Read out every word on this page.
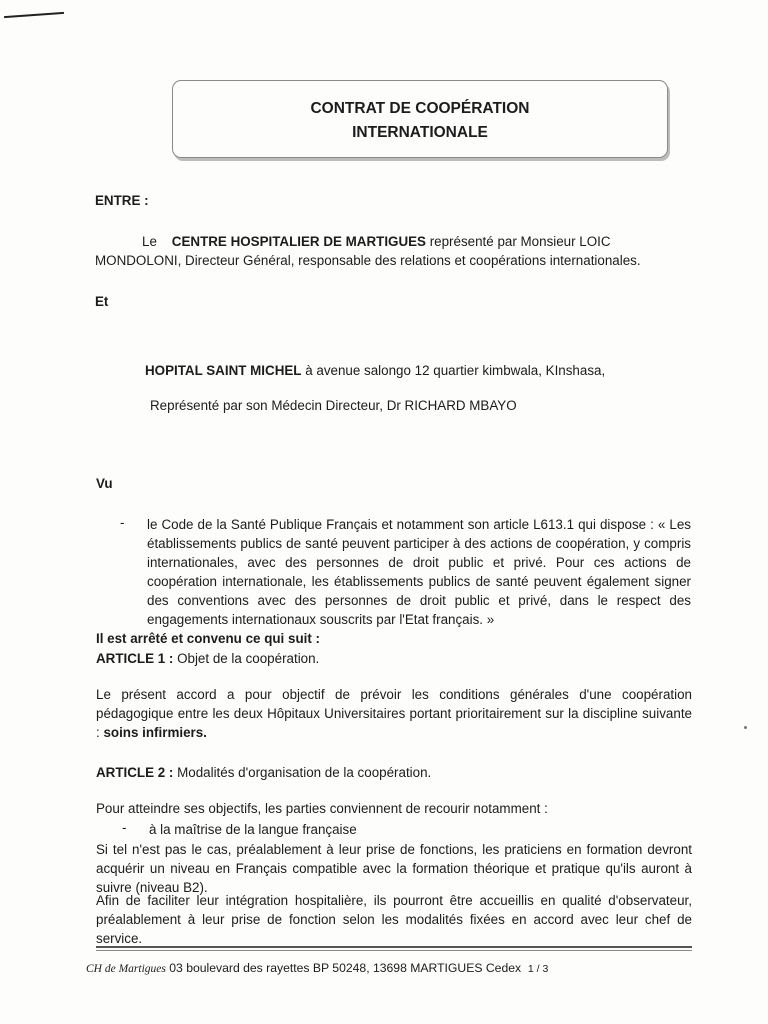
CONTRAT DE COOPÉRATION
INTERNATIONALE
ENTRE :
Le CENTRE HOSPITALIER DE MARTIGUES représenté par Monsieur LOIC
MONDOLONI, Directeur Général, responsable des relations et coopérations internationales.
Et
HOPITAL SAINT MICHEL à avenue salongo 12 quartier kimbwala, KInshasa,
Représenté par son Médecin Directeur, Dr RICHARD MBAYO
Vu
- le Code de la Santé Publique Français et notamment son article L613.1 qui dispose : « Les établissements publics de santé peuvent participer à des actions de coopération, y compris internationales, avec des personnes de droit public et privé. Pour ces actions de coopération internationale, les établissements publics de santé peuvent également signer des conventions avec des personnes de droit public et privé, dans le respect des engagements internationaux souscrits par l'Etat français. »
Il est arrêté et convenu ce qui suit :
ARTICLE 1 : Objet de la coopération.
Le présent accord a pour objectif de prévoir les conditions générales d'une coopération pédagogique entre les deux Hôpitaux Universitaires portant prioritairement sur la discipline suivante : soins infirmiers.
ARTICLE 2 : Modalités d'organisation de la coopération.
Pour atteindre ses objectifs, les parties conviennent de recourir notamment :
- à la maîtrise de la langue française
Si tel n'est pas le cas, préalablement à leur prise de fonctions, les praticiens en formation devront acquérir un niveau en Français compatible avec la formation théorique et pratique qu'ils auront à suivre (niveau B2).
Afin de faciliter leur intégration hospitalière, ils pourront être accueillis en qualité d'observateur, préalablement à leur prise de fonction selon les modalités fixées en accord avec leur chef de service.
CH de Martigues 03 boulevard des rayettes BP 50248, 13698 MARTIGUES Cedex 1 / 3
